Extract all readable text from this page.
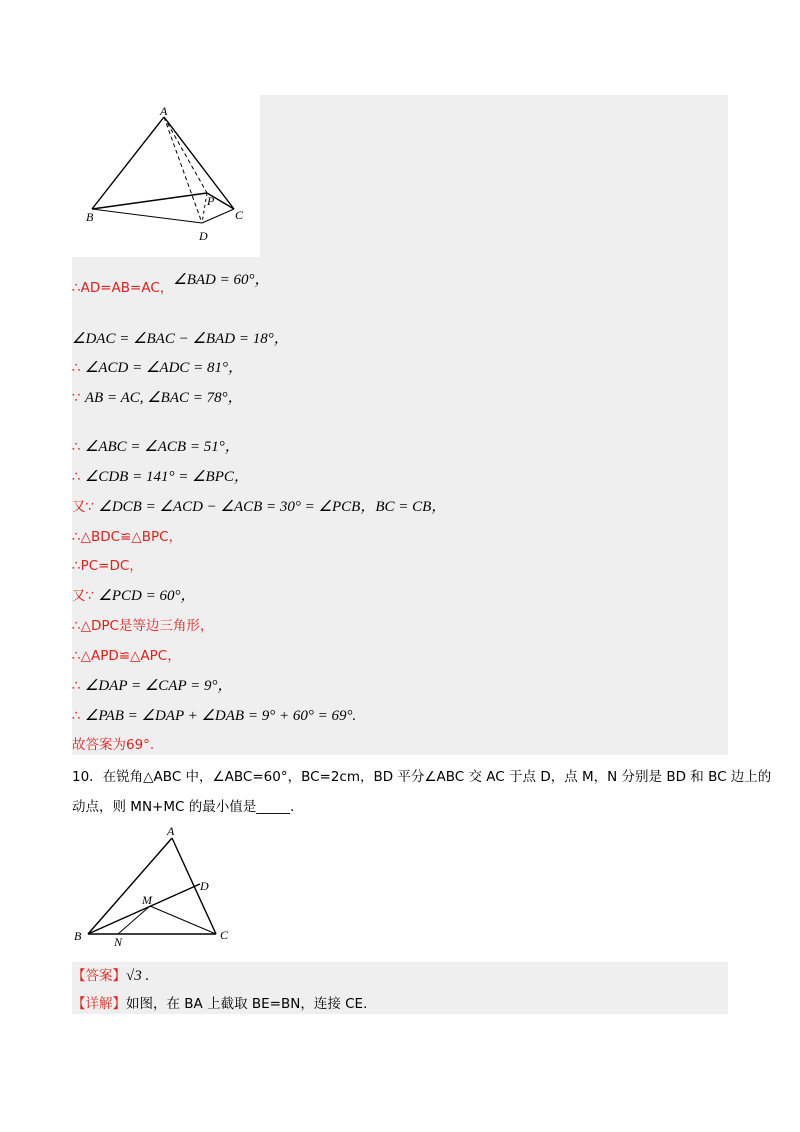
A
B	C
D
P
∴AD=AB=AC，∠BAD = 60°，
∠DAC = ∠BAC − ∠BAD = 18°，
∴ ∠ACD = ∠ADC = 81°，
∵ AB = AC, ∠BAC = 78°，
∴ ∠ABC = ∠ACB = 51°，
∴ ∠CDB = 141° = ∠BPC，
又∵ ∠DCB = ∠ACD − ∠ACB = 30° = ∠PCB，BC = CB，
∴△BDC≌△BPC，
∴PC=DC，
又∵ ∠PCD = 60°，
∴△DPC是等边三角形，
∴△APD≌△APC，
∴ ∠DAP = ∠CAP = 9°，
∴ ∠PAB = ∠DAP + ∠DAB = 9° + 60° = 69°.
故答案为69°.
10．在锐角△ABC 中，∠ABC=60°，BC=2cm，BD 平分∠ABC 交 AC 于点 D，点 M，N 分别是 BD 和 BC 边上的
动点，则 MN+MC 的最小值是_____.
A
B	C
D
M
N
【答案】√3 .
【详解】如图，在 BA 上截取 BE=BN，连接 CE.
